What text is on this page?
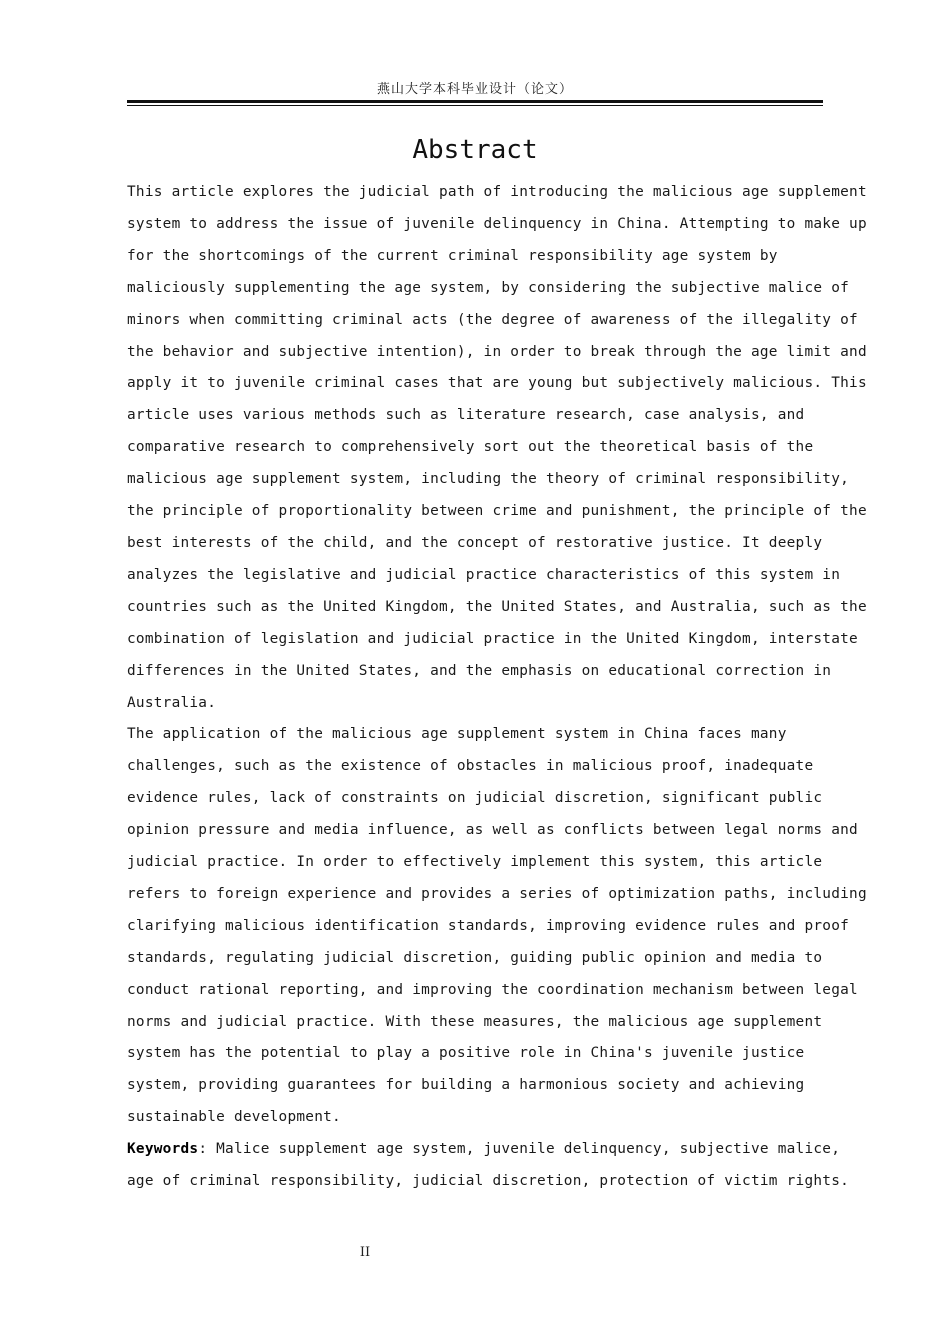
燕山大学本科毕业设计（论文）
Abstract

This article explores the judicial path of introducing the malicious age supplement
system to address the issue of juvenile delinquency in China. Attempting to make up
for the shortcomings of the current criminal responsibility age system by
maliciously supplementing the age system, by considering the subjective malice of
minors when committing criminal acts (the degree of awareness of the illegality of
the behavior and subjective intention), in order to break through the age limit and
apply it to juvenile criminal cases that are young but subjectively malicious. This
article uses various methods such as literature research, case analysis, and
comparative research to comprehensively sort out the theoretical basis of the
malicious age supplement system, including the theory of criminal responsibility,
the principle of proportionality between crime and punishment, the principle of the
best interests of the child, and the concept of restorative justice. It deeply
analyzes the legislative and judicial practice characteristics of this system in
countries such as the United Kingdom, the United States, and Australia, such as the
combination of legislation and judicial practice in the United Kingdom, interstate
differences in the United States, and the emphasis on educational correction in
Australia.

The application of the malicious age supplement system in China faces many
challenges, such as the existence of obstacles in malicious proof, inadequate
evidence rules, lack of constraints on judicial discretion, significant public
opinion pressure and media influence, as well as conflicts between legal norms and
judicial practice. In order to effectively implement this system, this article
refers to foreign experience and provides a series of optimization paths, including
clarifying malicious identification standards, improving evidence rules and proof
standards, regulating judicial discretion, guiding public opinion and media to
conduct rational reporting, and improving the coordination mechanism between legal
norms and judicial practice. With these measures, the malicious age supplement
system has the potential to play a positive role in China's juvenile justice
system, providing guarantees for building a harmonious society and achieving
sustainable development.

Keywords: Malice supplement age system, juvenile delinquency, subjective malice,
age of criminal responsibility, judicial discretion, protection of victim rights.

II
